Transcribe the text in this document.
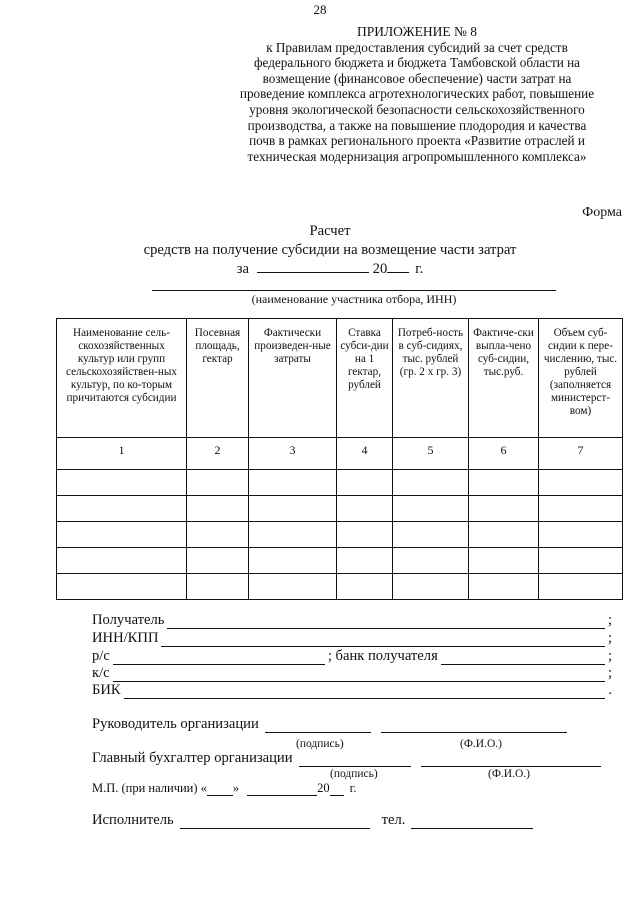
28
ПРИЛОЖЕНИЕ № 8
к Правилам предоставления субсидий за счет средств
федерального бюджета и бюджета Тамбовской области на
возмещение (финансовое обеспечение) части затрат на
проведение комплекса агротехнологических работ, повышение
уровня экологической безопасности сельскохозяйственного
производства, а также на повышение плодородия и качества
почв в рамках регионального проекта «Развитие отраслей и
техническая модернизация агропромышленного комплекса»
Форма
Расчет
средств на получение субсидии на возмещение части затрат
за	20 г.
(наименование участника отбора, ИНН)
Наименование сель-скохозяйственных культур или групп сельскохозяйствен-ных культур, по ко-торым причитаются субсидии	Посевная площадь, гектар	Фактически произведен-ные затраты	Ставка субси-дии на 1 гектар, рублей	Потреб-ность в суб-сидиях, тыс. рублей (гр. 2 х гр. 3)	Фактиче-ски выпла-чено суб-сидии, тыс.руб.	Объем суб-сидии к пере-числению, тыс. рублей (заполняется министерст-вом)
1	2	3	4	5	6	7

Получатель	;
ИНН/КПП	;
р/с	; банк получателя	;
к/с	;
БИК	.
Руководитель организации
(подпись)	(Ф.И.О.)
Главный бухгалтер организации
(подпись)	(Ф.И.О.)
М.П. (при наличии) « »	20 г.
Исполнитель	тел.
